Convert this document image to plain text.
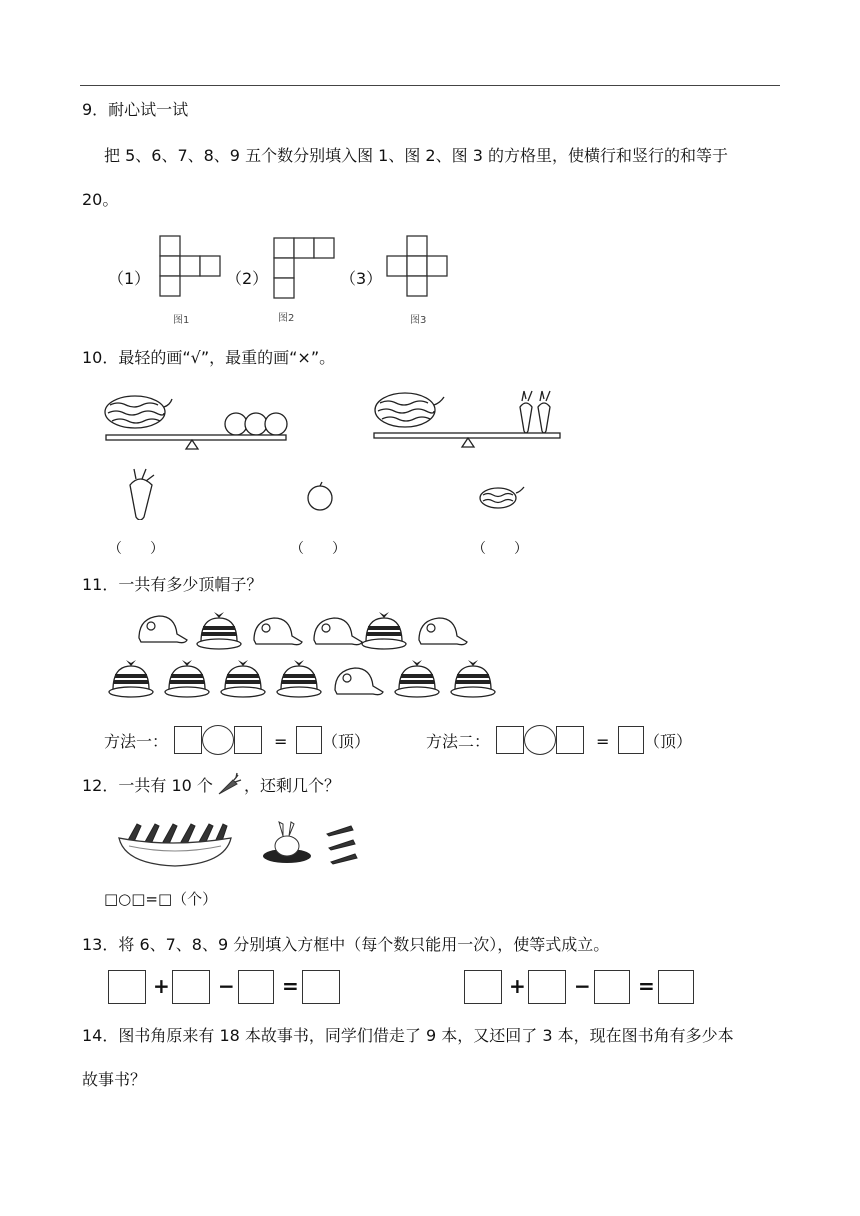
9．耐心试一试
把 5、6、7、8、9 五个数分别填入图 1、图 2、图 3 的方格里，使横行和竖行的和等于
20。
（1）	（2）	（3）
图1	图2	图3
10．最轻的画“√”，最重的画“×”。
（　　）	（　　）	（　　）
11．一共有多少顶帽子？
方法一：	= （顶）	方法二：	= （顶）
12．一共有 10 个 ，还剩几个？
□○□=□（个）
13．将 6、7、8、9 分别填入方框中（每个数只能用一次），使等式成立。
+ − =	+ − =
14．图书角原来有 18 本故事书，同学们借走了 9 本，又还回了 3 本，现在图书角有多少本
故事书？
